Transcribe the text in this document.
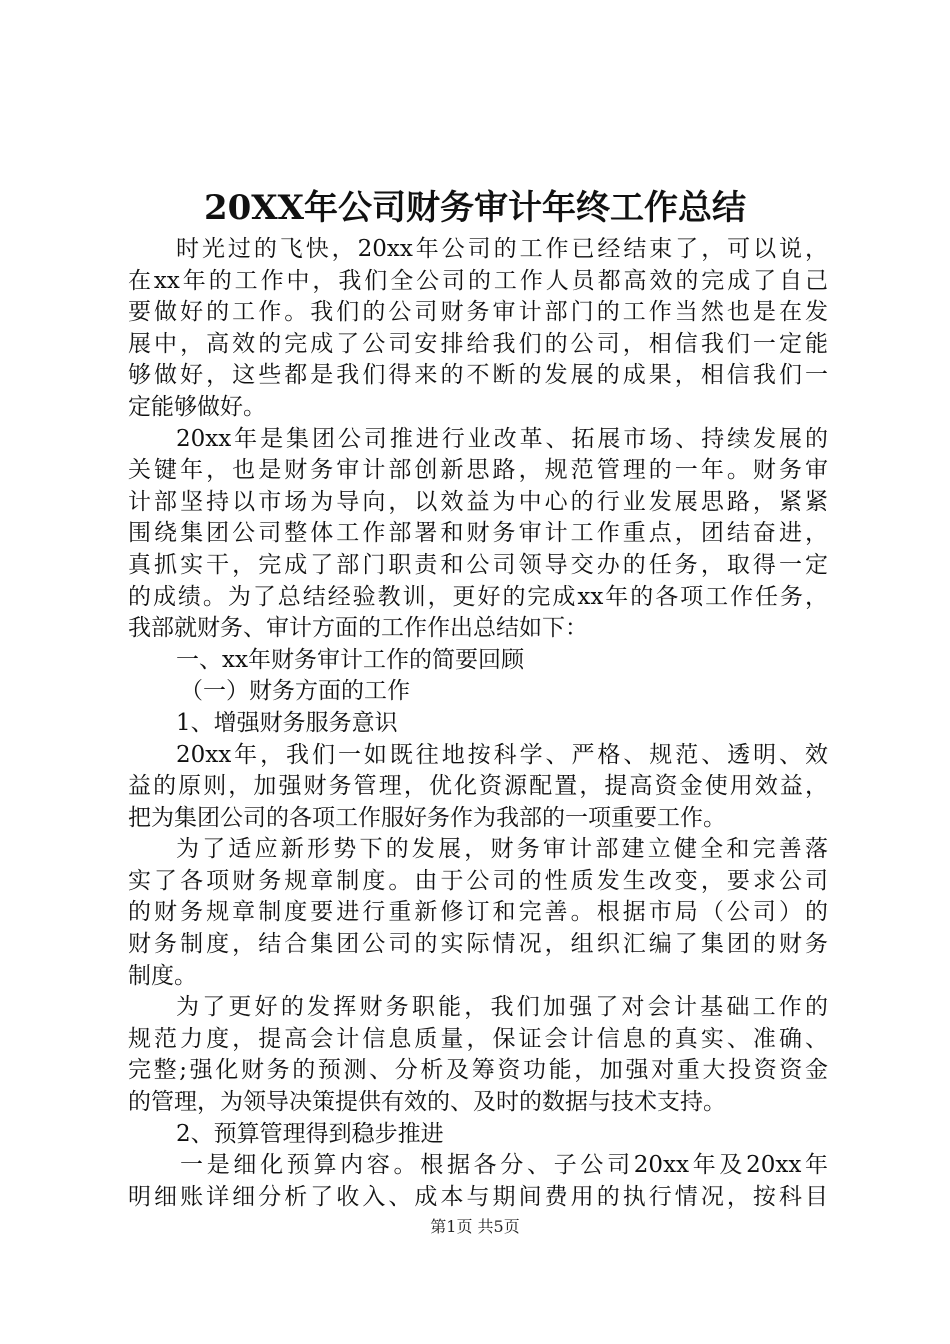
20XX年公司财务审计年终工作总结
时光过的飞快，20xx年公司的工作已经结束了，可以说，
在xx年的工作中，我们全公司的工作人员都高效的完成了自己
要做好的工作。我们的公司财务审计部门的工作当然也是在发
展中，高效的完成了公司安排给我们的公司，相信我们一定能
够做好，这些都是我们得来的不断的发展的成果，相信我们一
定能够做好。
20xx年是集团公司推进行业改革、拓展市场、持续发展的
关键年，也是财务审计部创新思路，规范管理的一年。财务审
计部坚持以市场为导向，以效益为中心的行业发展思路，紧紧
围绕集团公司整体工作部署和财务审计工作重点，团结奋进，
真抓实干，完成了部门职责和公司领导交办的任务，取得一定
的成绩。为了总结经验教训，更好的完成xx年的各项工作任务，
我部就财务、审计方面的工作作出总结如下：
一、xx年财务审计工作的简要回顾
（一）财务方面的工作
1、增强财务服务意识
20xx年，我们一如既往地按科学、严格、规范、透明、效
益的原则，加强财务管理，优化资源配置，提高资金使用效益，
把为集团公司的各项工作服好务作为我部的一项重要工作。
为了适应新形势下的发展，财务审计部建立健全和完善落
实了各项财务规章制度。由于公司的性质发生改变，要求公司
的财务规章制度要进行重新修订和完善。根据市局（公司）的
财务制度，结合集团公司的实际情况，组织汇编了集团的财务
制度。
为了更好的发挥财务职能，我们加强了对会计基础工作的
规范力度，提高会计信息质量，保证会计信息的真实、准确、
完整;强化财务的预测、分析及筹资功能，加强对重大投资资金
的管理，为领导决策提供有效的、及时的数据与技术支持。
2、预算管理得到稳步推进
一是细化预算内容。根据各分、子公司20xx年及20xx年
明细账详细分析了收入、成本与期间费用的执行情况，按科目
第1页 共5页
